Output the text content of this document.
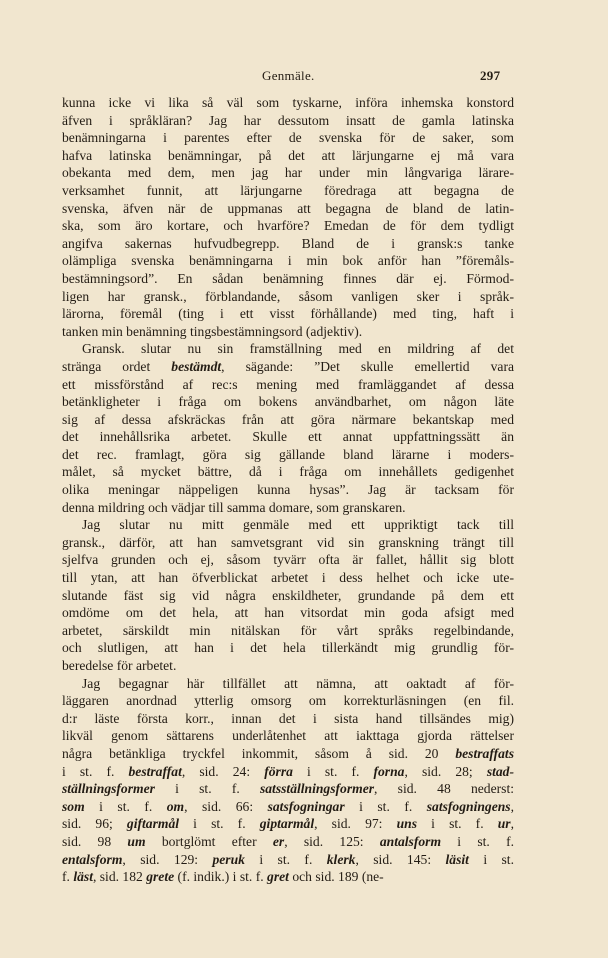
Genmäle.	297
kunna icke vi lika så väl som tyskarne, införa inhemska konstord
äfven i språkläran? Jag har dessutom insatt de gamla latinska
benämningarna i parentes efter de svenska för de saker, som
hafva latinska benämningar, på det att lärjungarne ej må vara
obekanta med dem, men jag har under min långvariga lärare-
verksamhet funnit, att lärjungarne föredraga att begagna de
svenska, äfven när de uppmanas att begagna de bland de latin-
ska, som äro kortare, och hvarföre? Emedan de för dem tydligt
angifva sakernas hufvudbegrepp. Bland de i gransk:s tanke
olämpliga svenska benämningarna i min bok anför han ”föremåls-
bestämningsord”. En sådan benämning finnes där ej. Förmod-
ligen har gransk., förblandande, såsom vanligen sker i språk-
lärorna, föremål (ting i ett visst förhållande) med ting, haft i
tanken min benämning tingsbestämningsord (adjektiv).
Gransk. slutar nu sin framställning med en mildring af det
stränga ordet bestämdt, sägande: ”Det skulle emellertid vara
ett missförstånd af rec:s mening med framläggandet af dessa
betänkligheter i fråga om bokens användbarhet, om någon läte
sig af dessa afskräckas från att göra närmare bekantskap med
det innehållsrika arbetet. Skulle ett annat uppfattningssätt än
det rec. framlagt, göra sig gällande bland lärarne i moders-
målet, så mycket bättre, då i fråga om innehållets gedigenhet
olika meningar näppeligen kunna hysas”. Jag är tacksam för
denna mildring och vädjar till samma domare, som granskaren.
Jag slutar nu mitt genmäle med ett uppriktigt tack till
gransk., därför, att han samvetsgrant vid sin granskning trängt till
sjelfva grunden och ej, såsom tyvärr ofta är fallet, hållit sig blott
till ytan, att han öfverblickat arbetet i dess helhet och icke ute-
slutande fäst sig vid några enskildheter, grundande på dem ett
omdöme om det hela, att han vitsordat min goda afsigt med
arbetet, särskildt min nitälskan för vårt språks regelbindande,
och slutligen, att han i det hela tillerkändt mig grundlig för-
beredelse för arbetet.
Jag begagnar här tillfället att nämna, att oaktadt af för-
läggaren anordnad ytterlig omsorg om korrekturläsningen (en fil.
d:r läste första korr., innan det i sista hand tillsändes mig)
likväl genom sättarens underlåtenhet att iakttaga gjorda rättelser
några betänkliga tryckfel inkommit, såsom å sid. 20 bestraffats
i st. f. bestraffat, sid. 24: förra i st. f. forna, sid. 28; stad-
ställningsformer i st. f. satsställningsformer, sid. 48 nederst:
som i st. f. om, sid. 66: satsfogningar i st. f. satsfogningens,
sid. 96; giftarmål i st. f. giptarmål, sid. 97: uns i st. f. ur,
sid. 98 um bortglömt efter er, sid. 125: antalsform i st. f.
entalsform, sid. 129: peruk i st. f. klerk, sid. 145: läsit i st.
f. läst, sid. 182 grete (f. indik.) i st. f. gret och sid. 189 (ne-
